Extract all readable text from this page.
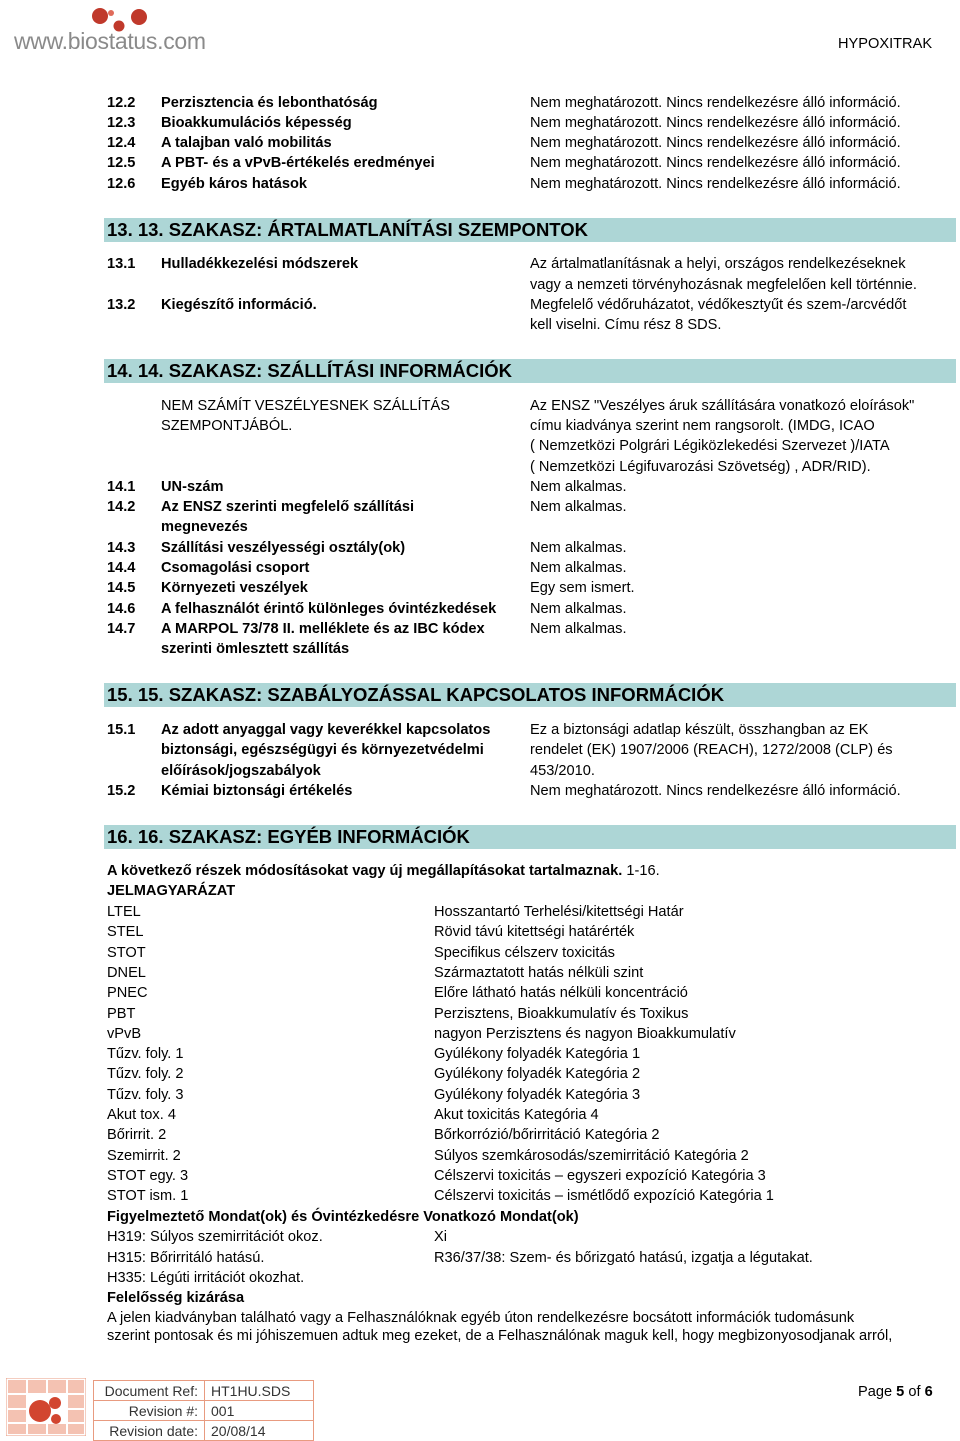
www.biostatus.com	HYPOXITRAK
12.2	Perzisztencia és lebonthatóság	Nem meghatározott. Nincs rendelkezésre álló információ.
12.3	Bioakkumulációs képesség	Nem meghatározott. Nincs rendelkezésre álló információ.
12.4	A talajban való mobilitás	Nem meghatározott. Nincs rendelkezésre álló információ.
12.5	A PBT- és a vPvB-értékelés eredményei	Nem meghatározott. Nincs rendelkezésre álló információ.
12.6	Egyéb káros hatások	Nem meghatározott. Nincs rendelkezésre álló információ.
13. 13. SZAKASZ: ÁRTALMATLANÍTÁSI SZEMPONTOK
13.1	Hulladékkezelési módszerek	Az ártalmatlanításnak a helyi, országos rendelkezéseknek
vagy a nemzeti törvényhozásnak megfelelően kell történnie.
13.2	Kiegészítő információ.	Megfelelő védőruházatot, védőkesztyűt és szem-/arcvédőt
kell viselni. Címu rész 8 SDS.
14. 14. SZAKASZ: SZÁLLÍTÁSI INFORMÁCIÓK
NEM SZÁMÍT VESZÉLYESNEK SZÁLLÍTÁS	Az ENSZ "Veszélyes áruk szállítására vonatkozó eloírások"
SZEMPONTJÁBÓL.	címu kiadványa szerint nem rangsorolt. (IMDG, ICAO
( Nemzetközi Polgrári Légiközlekedési Szervezet )/IATA
( Nemzetközi Légifuvarozási Szövetség) , ADR/RID).
14.1	UN-szám	Nem alkalmas.
14.2	Az ENSZ szerinti megfelelő szállítási	Nem alkalmas.
megnevezés
14.3	Szállítási veszélyességi osztály(ok)	Nem alkalmas.
14.4	Csomagolási csoport	Nem alkalmas.
14.5	Környezeti veszélyek	Egy sem ismert.
14.6	A felhasználót érintő különleges óvintézkedések Nem alkalmas.
14.7	A MARPOL 73/78 II. melléklete és az IBC kódex	Nem alkalmas.
szerinti ömlesztett szállítás
15. 15. SZAKASZ: SZABÁLYOZÁSSAL KAPCSOLATOS INFORMÁCIÓK
15.1	Az adott anyaggal vagy keverékkel kapcsolatos	Ez a biztonsági adatlap készült, összhangban az EK
biztonsági, egészségügyi és környezetvédelmi	rendelet (EK) 1907/2006 (REACH), 1272/2008 (CLP) és
előírások/jogszabályok	453/2010.
15.2	Kémiai biztonsági értékelés	Nem meghatározott. Nincs rendelkezésre álló információ.
16. 16. SZAKASZ: EGYÉB INFORMÁCIÓK
A következő részek módosításokat vagy új megállapításokat tartalmaznak. 1-16.
JELMAGYARÁZAT
LTEL	Hosszantartó Terhelési/kitettségi Határ
STEL	Rövid távú kitettségi határérték
STOT	Specifikus célszerv toxicitás
DNEL	Származtatott hatás nélküli szint
PNEC	Előre látható hatás nélküli koncentráció
PBT	Perzisztens, Bioakkumulatív és Toxikus
vPvB	nagyon Perzisztens és nagyon Bioakkumulatív
Tűzv. foly. 1	Gyúlékony folyadék Kategória 1
Tűzv. foly. 2	Gyúlékony folyadék Kategória 2
Tűzv. foly. 3	Gyúlékony folyadék Kategória 3
Akut tox. 4	Akut toxicitás Kategória 4
Bőrirrit. 2	Bőrkorrózió/bőrirritáció Kategória 2
Szemirrit. 2	Súlyos szemkárosodás/szemirritáció Kategória 2
STOT egy. 3	Célszervi toxicitás – egyszeri expozíció Kategória 3
STOT ism. 1	Célszervi toxicitás – ismétlődő expozíció Kategória 1
Figyelmeztető Mondat(ok) és Óvintézkedésre Vonatkozó Mondat(ok)
H319: Súlyos szemirritációt okoz.	Xi
H315: Bőrirritáló hatású.	R36/37/38: Szem- és bőrizgató hatású, izgatja a légutakat.
H335: Légúti irritációt okozhat.
Felelősség kizárása
A jelen kiadványban található vagy a Felhasználóknak egyéb úton rendelkezésre bocsátott információk tudomásunk
szerint pontosak és mi jóhiszemuen adtuk meg ezeket, de a Felhasználónak maguk kell, hogy megbizonyosodjanak arról,
Document Ref:	HT1HU.SDS
Revision #:	001
Revision date:	20/08/14
Page 5 of 6
